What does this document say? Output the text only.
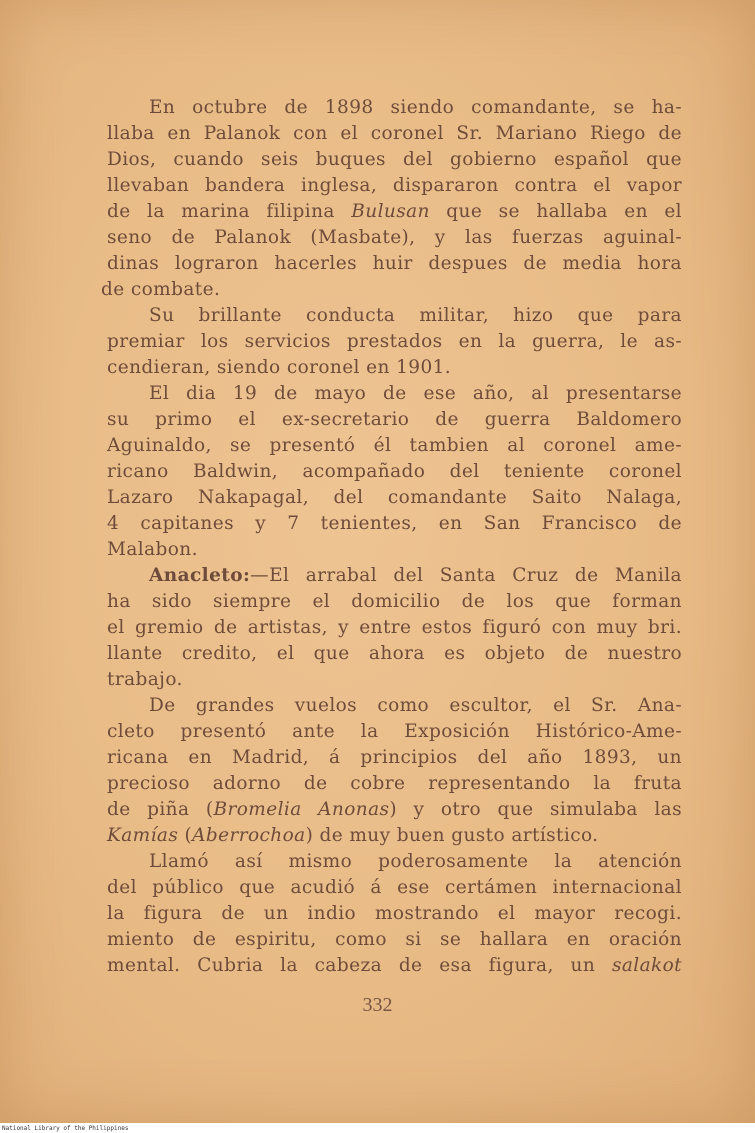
En octubre de 1898 siendo comandante, se ha-
llaba en Palanok con el coronel Sr. Mariano Riego de
Dios, cuando seis buques del gobierno español que
llevaban bandera inglesa, dispararon contra el vapor
de la marina filipina Bulusan que se hallaba en el
seno de Palanok (Masbate), y las fuerzas aguinal-
dinas lograron hacerles huir despues de media hora
de combate.
Su brillante conducta militar, hizo que para
premiar los servicios prestados en la guerra, le as-
cendieran, siendo coronel en 1901.
El dia 19 de mayo de ese año, al presentarse
su primo el ex-secretario de guerra Baldomero
Aguinaldo, se presentó él tambien al coronel ame-
ricano Baldwin, acompañado del teniente coronel
Lazaro Nakapagal, del comandante Saito Nalaga,
4 capitanes y 7 tenientes, en San Francisco de
Malabon.
Anacleto:—El arrabal del Santa Cruz de Manila
ha sido siempre el domicilio de los que forman
el gremio de artistas, y entre estos figuró con muy bri.
llante credito, el que ahora es objeto de nuestro
trabajo.
De grandes vuelos como escultor, el Sr. Ana-
cleto presentó ante la Exposición Histórico-Ame-
ricana en Madrid, á principios del año 1893, un
precioso adorno de cobre representando la fruta
de piña (Bromelia Anonas) y otro que simulaba las
Kamías (Aberrochoa) de muy buen gusto artístico.
Llamó así mismo poderosamente la atención
del público que acudió á ese certámen internacional
la figura de un indio mostrando el mayor recogi.
miento de espiritu, como si se hallara en oración
mental. Cubria la cabeza de esa figura, un salakot
332
National Library of the Philippines
